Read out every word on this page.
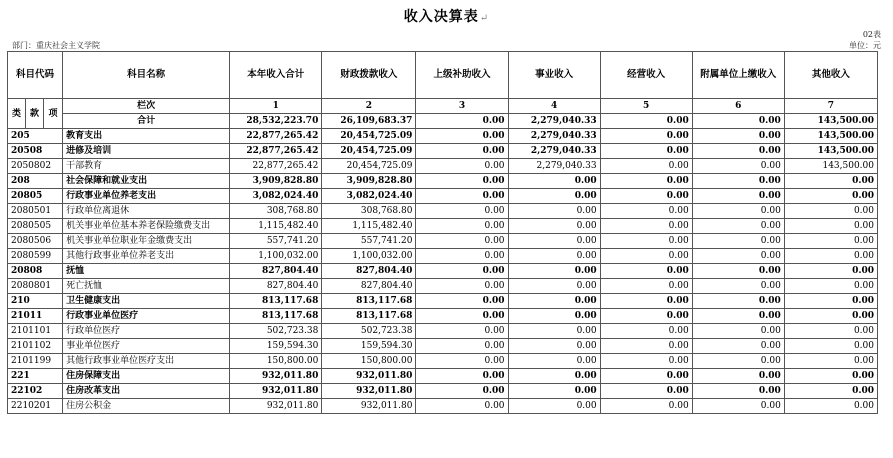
收入决算表↵
02表
部门：重庆社会主义学院	单位：元
科目代码			科目名称	本年收入合计	财政拨款收入	上级补助收入	事业收入	经营收入	附属单位上缴收入	其他收入
类	款	项	栏次	1	2	3	4	5	6	7
			合计	28,532,223.70	26,109,683.37	0.00	2,279,040.33	0.00	0.00	143,500.00
205			教育支出	22,877,265.42	20,454,725.09	0.00	2,279,040.33	0.00	0.00	143,500.00
20508			进修及培训	22,877,265.42	20,454,725.09	0.00	2,279,040.33	0.00	0.00	143,500.00
2050802			干部教育	22,877,265.42	20,454,725.09	0.00	2,279,040.33	0.00	0.00	143,500.00
208			社会保障和就业支出	3,909,828.80	3,909,828.80	0.00	0.00	0.00	0.00	0.00
20805			行政事业单位养老支出	3,082,024.40	3,082,024.40	0.00	0.00	0.00	0.00	0.00
2080501			行政单位离退休	308,768.80	308,768.80	0.00	0.00	0.00	0.00	0.00
2080505			机关事业单位基本养老保险缴费支出	1,115,482.40	1,115,482.40	0.00	0.00	0.00	0.00	0.00
2080506			机关事业单位职业年金缴费支出	557,741.20	557,741.20	0.00	0.00	0.00	0.00	0.00
2080599			其他行政事业单位养老支出	1,100,032.00	1,100,032.00	0.00	0.00	0.00	0.00	0.00
20808			抚恤	827,804.40	827,804.40	0.00	0.00	0.00	0.00	0.00
2080801			死亡抚恤	827,804.40	827,804.40	0.00	0.00	0.00	0.00	0.00
210			卫生健康支出	813,117.68	813,117.68	0.00	0.00	0.00	0.00	0.00
21011			行政事业单位医疗	813,117.68	813,117.68	0.00	0.00	0.00	0.00	0.00
2101101			行政单位医疗	502,723.38	502,723.38	0.00	0.00	0.00	0.00	0.00
2101102			事业单位医疗	159,594.30	159,594.30	0.00	0.00	0.00	0.00	0.00
2101199			其他行政事业单位医疗支出	150,800.00	150,800.00	0.00	0.00	0.00	0.00	0.00
221			住房保障支出	932,011.80	932,011.80	0.00	0.00	0.00	0.00	0.00
22102			住房改革支出	932,011.80	932,011.80	0.00	0.00	0.00	0.00	0.00
2210201			住房公积金	932,011.80	932,011.80	0.00	0.00	0.00	0.00	0.00
